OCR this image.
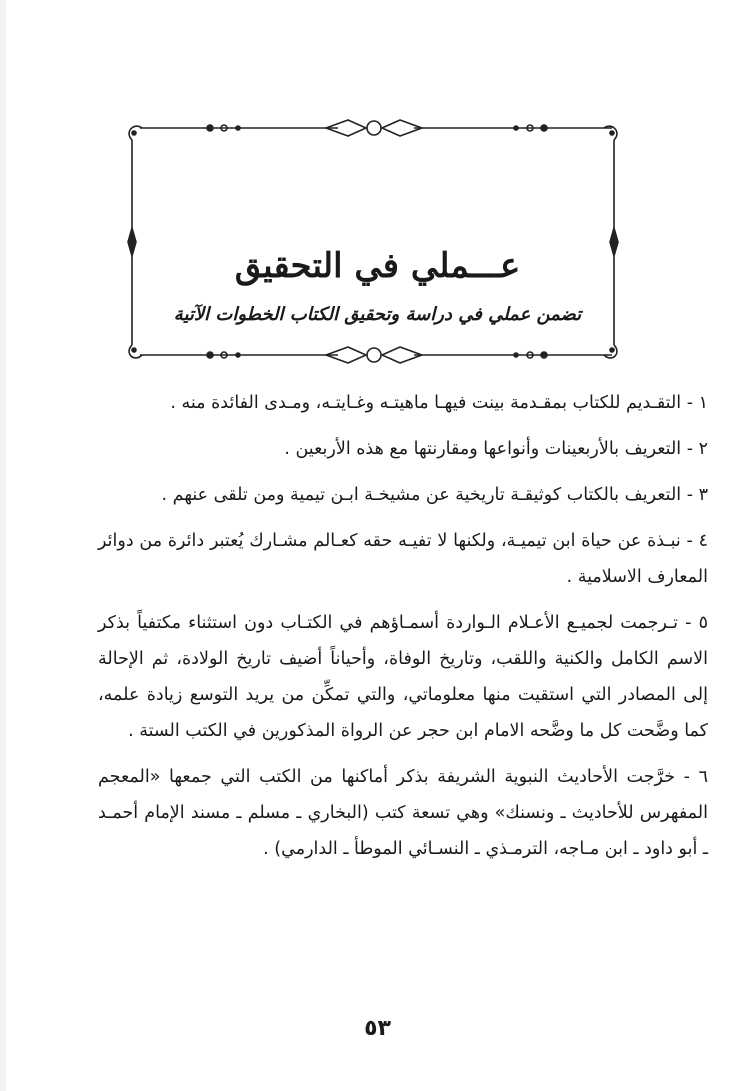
عـــملي في التحقيق
تضمن عملي في دراسة وتحقيق الكتاب الخطوات الآتية

١ - التقـديم للكتاب بمقـدمة بينت فيهـا ماهيتـه وغـايتـه، ومـدى الفائدة منه .

٢ - التعريف بالأربعينات وأنواعها ومقارنتها مع هذه الأربعين .

٣ - التعريف بالكتاب كوثيقـة تاريخية عن مشيخـة ابـن تيمية ومن تلقى عنهم .

٤ - نبـذة عن حياة ابن تيميـة، ولكنها لا تفيـه حقه كعـالم مشـارك يُعتبر دائرة من دوائر المعارف الاسلامية .

٥ - تـرجمت لجميـع الأعـلام الـواردة أسمـاؤهم في الكتـاب دون استثناء مكتفياً بذكر الاسم الكامل والكنية واللقب، وتاريخ الوفاة، وأحياناً أضيف تاريخ الولادة، ثم الإحالة إلى المصادر التي استقيت منها معلوماتي، والتي تمكِّن من يريد التوسع زيادة علمه، كما وضَّحت كل ما وضَّحه الامام ابن حجر عن الرواة المذكورين في الكتب الستة .

٦ - خرَّجت الأحاديث النبوية الشريفة بذكر أماكنها من الكتب التي جمعها «المعجم المفهرس للأحاديث ـ ونسنك» وهي تسعة كتب (البخاري ـ مسلم ـ مسند الإمام أحمـد ـ أبو داود ـ ابن مـاجه، الترمـذي ـ النسـائي الموطأ ـ الدارمي) .

٥٣
